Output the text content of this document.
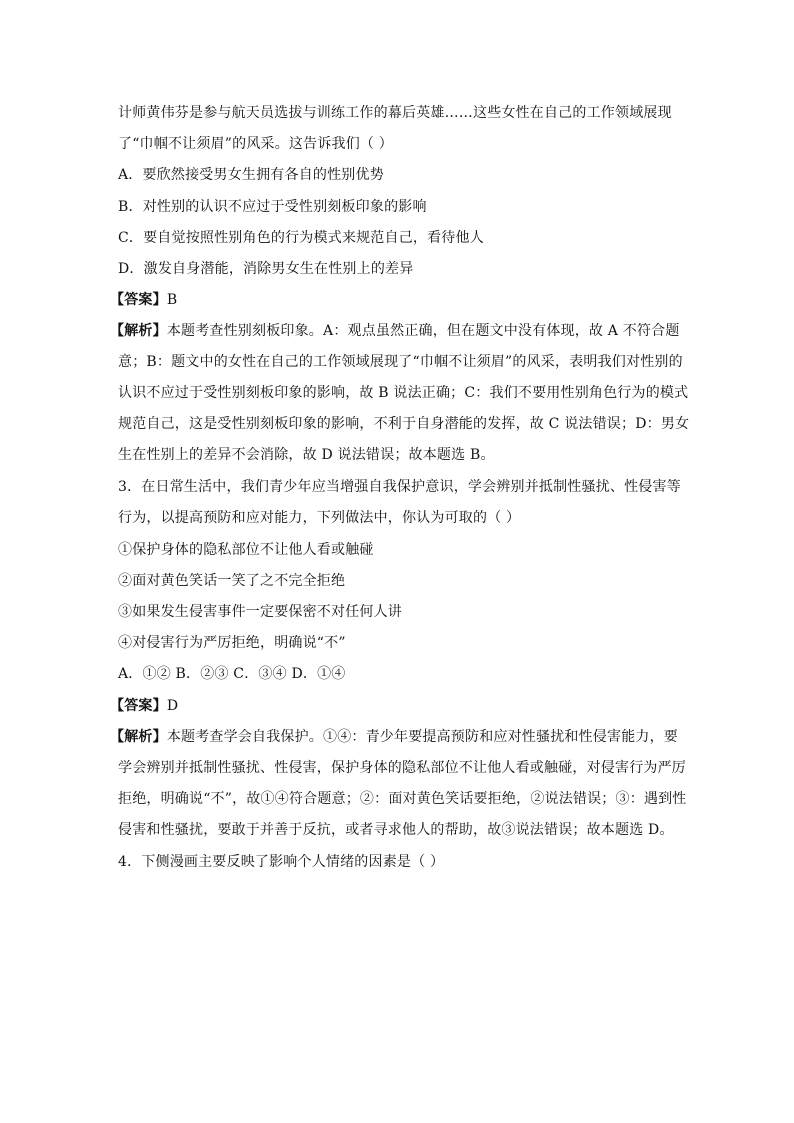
计师黄伟芬是参与航天员选拔与训练工作的幕后英雄……这些女性在自己的工作领域展现
了“巾帼不让须眉”的风采。这告诉我们（ ）
A．要欣然接受男女生拥有各自的性别优势
B．对性别的认识不应过于受性别刻板印象的影响
C．要自觉按照性别角色的行为模式来规范自己，看待他人
D．激发自身潜能，消除男女生在性别上的差异
【答案】B
【解析】本题考查性别刻板印象。A：观点虽然正确，但在题文中没有体现，故 A 不符合题
意；B：题文中的女性在自己的工作领域展现了“巾帼不让须眉”的风采，表明我们对性别的
认识不应过于受性别刻板印象的影响，故 B 说法正确；C：我们不要用性别角色行为的模式
规范自己，这是受性别刻板印象的影响，不利于自身潜能的发挥，故 C 说法错误；D：男女
生在性别上的差异不会消除，故 D 说法错误；故本题选 B。
3．在日常生活中，我们青少年应当增强自我保护意识，学会辨别并抵制性骚扰、性侵害等
行为，以提高预防和应对能力，下列做法中，你认为可取的（ ）
①保护身体的隐私部位不让他人看或触碰
②面对黄色笑话一笑了之不完全拒绝
③如果发生侵害事件一定要保密不对任何人讲
④对侵害行为严厉拒绝，明确说“不”
A．①② B．②③ C．③④ D．①④
【答案】D
【解析】本题考查学会自我保护。①④：青少年要提高预防和应对性骚扰和性侵害能力，要
学会辨别并抵制性骚扰、性侵害，保护身体的隐私部位不让他人看或触碰，对侵害行为严厉
拒绝，明确说“不”，故①④符合题意；②：面对黄色笑话要拒绝，②说法错误；③：遇到性
侵害和性骚扰，要敢于并善于反抗，或者寻求他人的帮助，故③说法错误；故本题选 D。
4．下侧漫画主要反映了影响个人情绪的因素是（ ）
